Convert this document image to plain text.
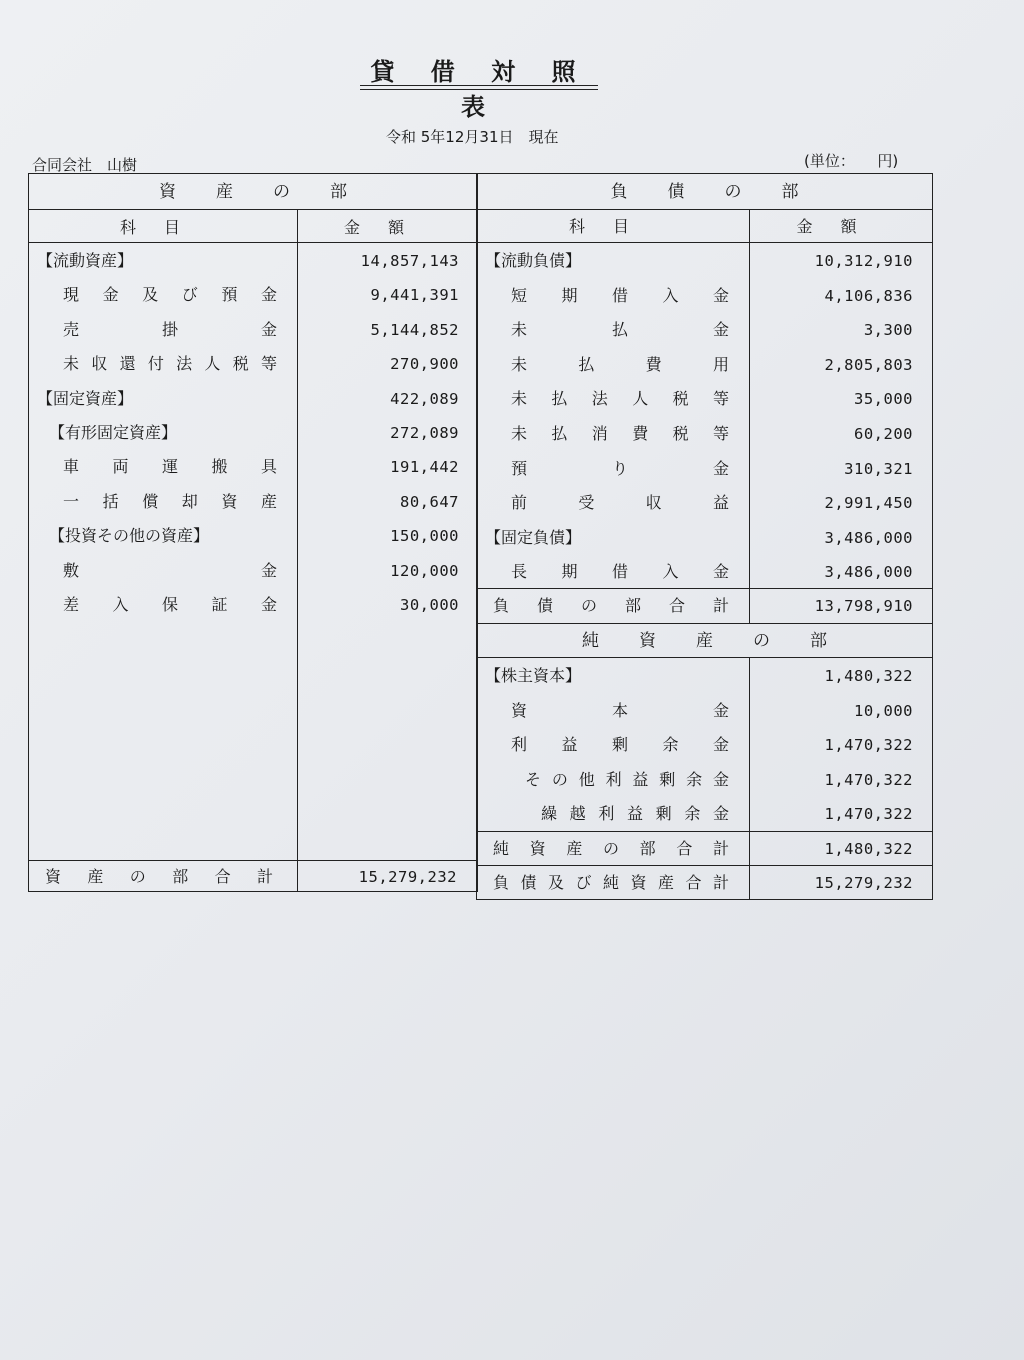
貸 借 対 照 表
令和 5年12月31日　現在
合同会社　山樹	(単位：　　円)
資産の部
科目	金額
【流動資産】	14,857,143
現金及び預金	9,441,391
売掛金	5,144,852
未収還付法人税等	270,900
【固定資産】	422,089
【有形固定資産】	272,089
車両運搬具	191,442
一括償却資産	80,647
【投資その他の資産】	150,000
敷金	120,000
差入保証金	30,000
資産の部合計	15,279,232
負債の部
科目	金額
純資産の部
【流動負債】	10,312,910
短期借入金	4,106,836
未払金	3,300
未払費用	2,805,803
未払法人税等	35,000
未払消費税等	60,200
預り金	310,321
前受収益	2,991,450
【固定負債】	3,486,000
長期借入金	3,486,000
負債の部合計	13,798,910
【株主資本】	1,480,322
資本金	10,000
利益剰余金	1,470,322
その他利益剰余金	1,470,322
繰越利益剰余金	1,470,322
純資産の部合計	1,480,322
負債及び純資産合計	15,279,232
